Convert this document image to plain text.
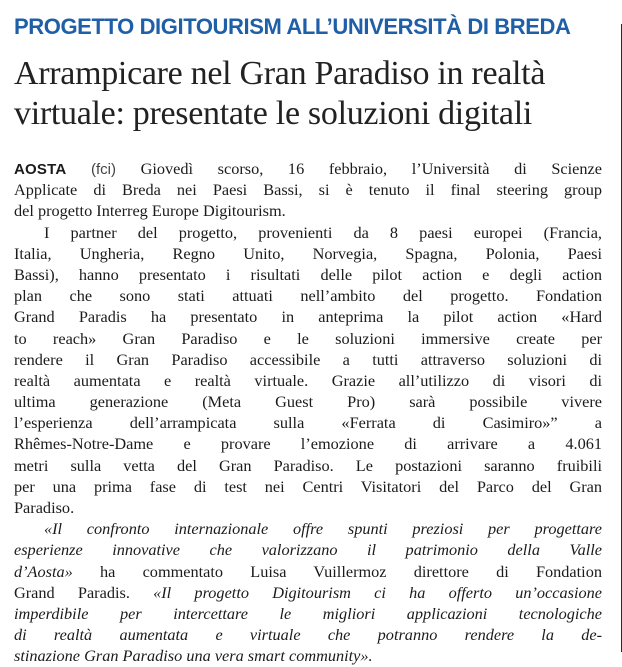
PROGETTO DIGITOURISM ALL’UNIVERSITÀ DI BREDA
Arrampicare nel Gran Paradiso in realtà
virtuale: presentate le soluzioni digitali
AOSTA (fci) Giovedì scorso, 16 febbraio, l’Università di Scienze
Applicate di Breda nei Paesi Bassi, si è tenuto il final steering group
del progetto Interreg Europe Digitourism.
I partner del progetto, provenienti da 8 paesi europei (Francia,
Italia, Ungheria, Regno Unito, Norvegia, Spagna, Polonia, Paesi
Bassi), hanno presentato i risultati delle pilot action e degli action
plan che sono stati attuati nell’ambito del progetto. Fondation
Grand Paradis ha presentato in anteprima la pilot action «Hard
to reach» Gran Paradiso e le soluzioni immersive create per
rendere il Gran Paradiso accessibile a tutti attraverso soluzioni di
realtà aumentata e realtà virtuale. Grazie all’utilizzo di visori di
ultima generazione (Meta Guest Pro) sarà possibile vivere
l’esperienza dell’arrampicata sulla «Ferrata di Casimiro»” a
Rhêmes-Notre-Dame e provare l’emozione di arrivare a 4.061
metri sulla vetta del Gran Paradiso. Le postazioni saranno fruibili
per una prima fase di test nei Centri Visitatori del Parco del Gran
Paradiso.
«Il confronto internazionale offre spunti preziosi per progettare
esperienze innovative che valorizzano il patrimonio della Valle
d’Aosta» ha commentato Luisa Vuillermoz direttore di Fondation
Grand Paradis. «Il progetto Digitourism ci ha offerto un’occasione
imperdibile per intercettare le migliori applicazioni tecnologiche
di realtà aumentata e virtuale che potranno rendere la de-
stinazione Gran Paradiso una vera smart community».
